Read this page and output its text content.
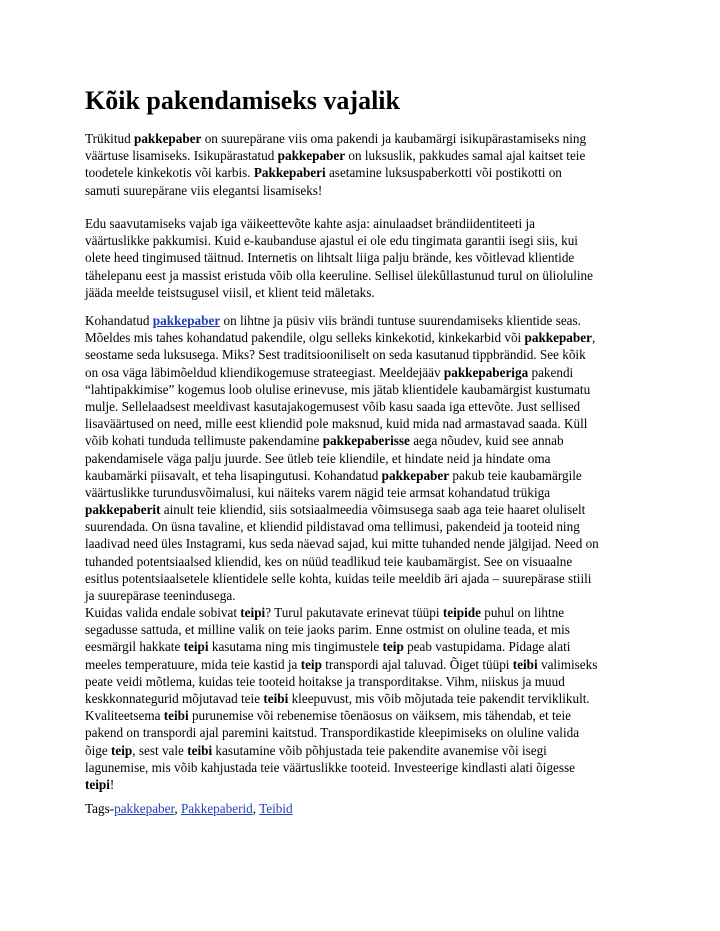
Kõik pakendamiseks vajalik
Trükitud pakkepaber on suurepärane viis oma pakendi ja kaubamärgi isikupärastamiseks ning
väärtuse lisamiseks. Isikupärastatud pakkepaber on luksuslik, pakkudes samal ajal kaitset teie
toodetele kinkekotis või karbis. Pakkepaberi asetamine luksuspaberkotti või postikotti on
samuti suurepärane viis elegantsi lisamiseks!
Edu saavutamiseks vajab iga väikeettevõte kahte asja: ainulaadset brändiidentiteeti ja
väärtuslikke pakkumisi. Kuid e-kaubanduse ajastul ei ole edu tingimata garantii isegi siis, kui
olete heed tingimused täitnud. Internetis on lihtsalt liiga palju brände, kes võitlevad klientide
tähelepanu eest ja massist eristuda võib olla keeruline. Sellisel ülekûllastunud turul on ülioluline
jääda meelde teistsugusel viisil, et klient teid mäletaks.
Kohandatud pakkepaber on lihtne ja püsiv viis brändi tuntuse suurendamiseks klientide seas.
Mõeldes mis tahes kohandatud pakendile, olgu selleks kinkekotid, kinkekarbid või pakkepaber,
seostame seda luksusega. Miks? Sest traditsiooniliselt on seda kasutanud tippbrändid. See kõik
on osa väga läbimõeldud kliendikogemuse strateegiast. Meeldejääv pakkepaberiga pakendi
“lahtipakkimise” kogemus loob olulise erinevuse, mis jätab klientidele kaubamärgist kustumatu
mulje. Sellelaadsest meeldivast kasutajakogemusest võib kasu saada iga ettevõte. Just sellised
lisaväärtused on need, mille eest kliendid pole maksnud, kuid mida nad armastavad saada. Küll
võib kohati tunduda tellimuste pakendamine pakkepaberisse aega nõudev, kuid see annab
pakendamisele väga palju juurde. See ütleb teie kliendile, et hindate neid ja hindate oma
kaubamärki piisavalt, et teha lisapingutusi. Kohandatud pakkepaber pakub teie kaubamärgile
väärtuslikke turundusvõimalusi, kui näiteks varem nägid teie armsat kohandatud trükiga
pakkepaberit ainult teie kliendid, siis sotsiaalmeedia võimsusega saab aga teie haaret oluliselt
suurendada. On üsna tavaline, et kliendid pildistavad oma tellimusi, pakendeid ja tooteid ning
laadivad need üles Instagrami, kus seda näevad sajad, kui mitte tuhanded nende jälgijad. Need on
tuhanded potentsiaalsed kliendid, kes on nüüd teadlikud teie kaubamärgist. See on visuaalne
esitlus potentsiaalsetele klientidele selle kohta, kuidas teile meeldib äri ajada – suurepärase stiili
ja suurepärase teenindusega.
Kuidas valida endale sobivat teipi? Turul pakutavate erinevat tüüpi teipide puhul on lihtne
segadusse sattuda, et milline valik on teie jaoks parim. Enne ostmist on oluline teada, et mis
eesmärgil hakkate teipi kasutama ning mis tingimustele teip peab vastupidama. Pidage alati
meeles temperatuure, mida teie kastid ja teip transpordi ajal taluvad. Õiget tüüpi teibi valimiseks
peate veidi mõtlema, kuidas teie tooteid hoitakse ja transporditakse. Vihm, niiskus ja muud
keskkonnategurid mõjutavad teie teibi kleepuvust, mis võib mõjutada teie pakendit terviklikult.
Kvaliteetsema teibi purunemise või rebenemise tõenäosus on väiksem, mis tähendab, et teie
pakend on transpordi ajal paremini kaitstud. Transpordikastide kleepimiseks on oluline valida
õige teip, sest vale teibi kasutamine võib põhjustada teie pakendite avanemise või isegi
lagunemise, mis võib kahjustada teie väärtuslikke tooteid. Investeerige kindlasti alati õigesse
teipi!
Tags-pakkepaber, Pakkepaberid, Teibid
